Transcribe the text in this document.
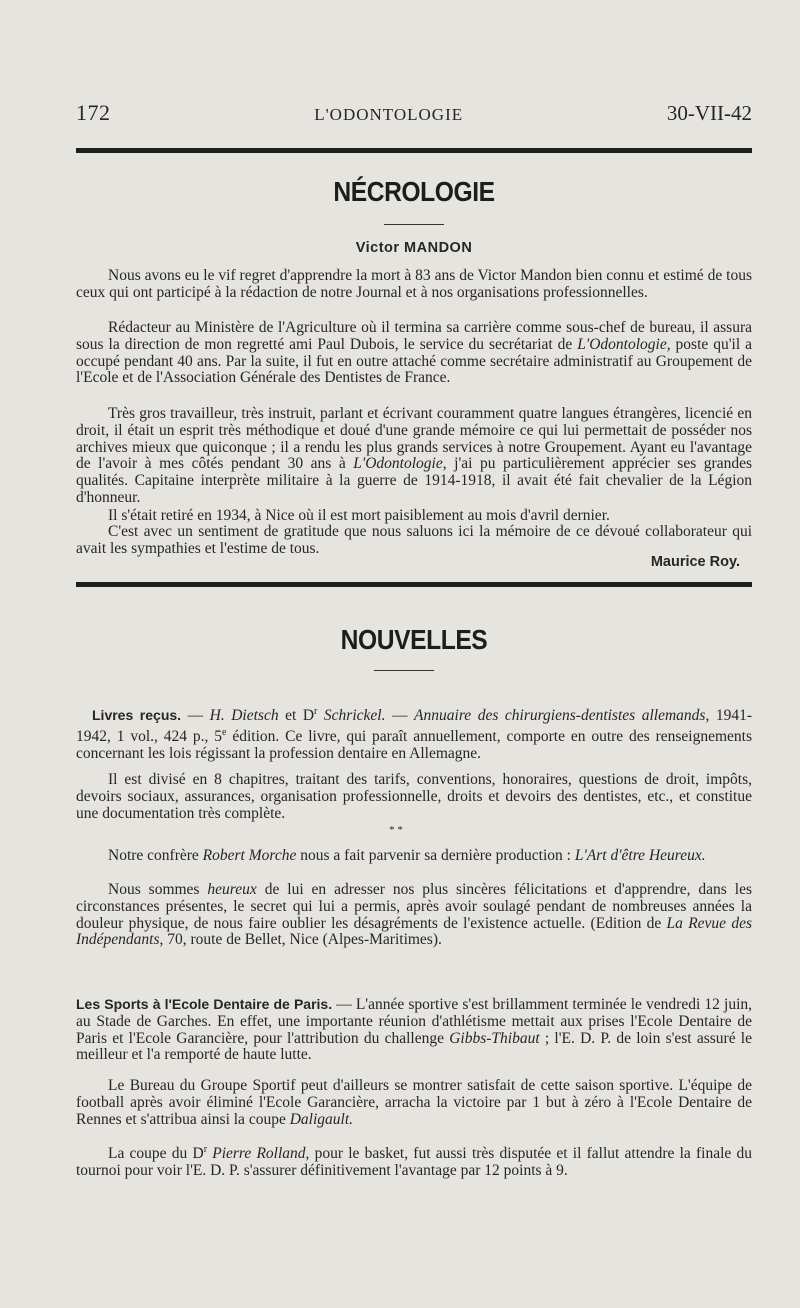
172	L'ODONTOLOGIE	30-VII-42
NÉCROLOGIE
Victor MANDON

Nous avons eu le vif regret d'apprendre la mort à 83 ans de Victor Mandon bien connu et estimé de tous ceux qui ont participé à la rédaction de notre Journal et à nos organisations professionnelles.

Rédacteur au Ministère de l'Agriculture où il termina sa carrière comme sous-chef de bureau, il assura sous la direction de mon regretté ami Paul Dubois, le service du secrétariat de L'Odontologie, poste qu'il a occupé pendant 40 ans. Par la suite, il fut en outre attaché comme secrétaire administratif au Groupement de l'Ecole et de l'Association Générale des Dentistes de France.

Très gros travailleur, très instruit, parlant et écrivant couramment quatre langues étrangères, licencié en droit, il était un esprit très méthodique et doué d'une grande mémoire ce qui lui permettait de posséder nos archives mieux que quiconque ; il a rendu les plus grands services à notre Groupement. Ayant eu l'avantage de l'avoir à mes côtés pendant 30 ans à L'Odontologie, j'ai pu particulièrement apprécier ses grandes qualités. Capitaine interprète militaire à la guerre de 1914-1918, il avait été fait chevalier de la Légion d'honneur.

Il s'était retiré en 1934, à Nice où il est mort paisiblement au mois d'avril dernier.

C'est avec un sentiment de gratitude que nous saluons ici la mémoire de ce dévoué collaborateur qui avait les sympathies et l'estime de tous.

Maurice Roy.
NOUVELLES

Livres reçus. — H. Dietsch et $D^r$ Schrickel. — Annuaire des chirurgiens-dentistes allemands, 1941-1942, 1 vol., 424 p., 5e édition. Ce livre, qui paraît annuellement, comporte en outre des renseignements concernant les lois régissant la profession dentaire en Allemagne.

Il est divisé en 8 chapitres, traitant des tarifs, conventions, honoraires, questions de droit, impôts, devoirs sociaux, assurances, organisation professionnelle, droits et devoirs des dentistes, etc., et constitue une documentation très complète.

* *

Notre confrère Robert Morche nous a fait parvenir sa dernière production : L'Art d'être Heureux.

Nous sommes heureux de lui en adresser nos plus sincères félicitations et d'apprendre, dans les circonstances présentes, le secret qui lui a permis, après avoir soulagé pendant de nombreuses années la douleur physique, de nous faire oublier les désagréments de l'existence actuelle. (Edition de La Revue des Indépendants, 70, route de Bellet, Nice (Alpes-Maritimes).

Les Sports à l'Ecole Dentaire de Paris. — L'année sportive s'est brillamment terminée le vendredi 12 juin, au Stade de Garches. En effet, une importante réunion d'athlétisme mettait aux prises l'Ecole Dentaire de Paris et l'Ecole Garancière, pour l'attribution du challenge Gibbs-Thibaut ; l'E. D. P. de loin s'est assuré le meilleur et l'a remporté de haute lutte.

Le Bureau du Groupe Sportif peut d'ailleurs se montrer satisfait de cette saison sportive. L'équipe de football après avoir éliminé l'Ecole Garancière, arracha la victoire par 1 but à zéro à l'Ecole Dentaire de Rennes et s'attribua ainsi la coupe Daligault.

La coupe du $D^r$ Pierre Rolland, pour le basket, fut aussi très disputée et il fallut attendre la finale du tournoi pour voir l'E. D. P. s'assurer définitivement l'avantage par 12 points à 9.
